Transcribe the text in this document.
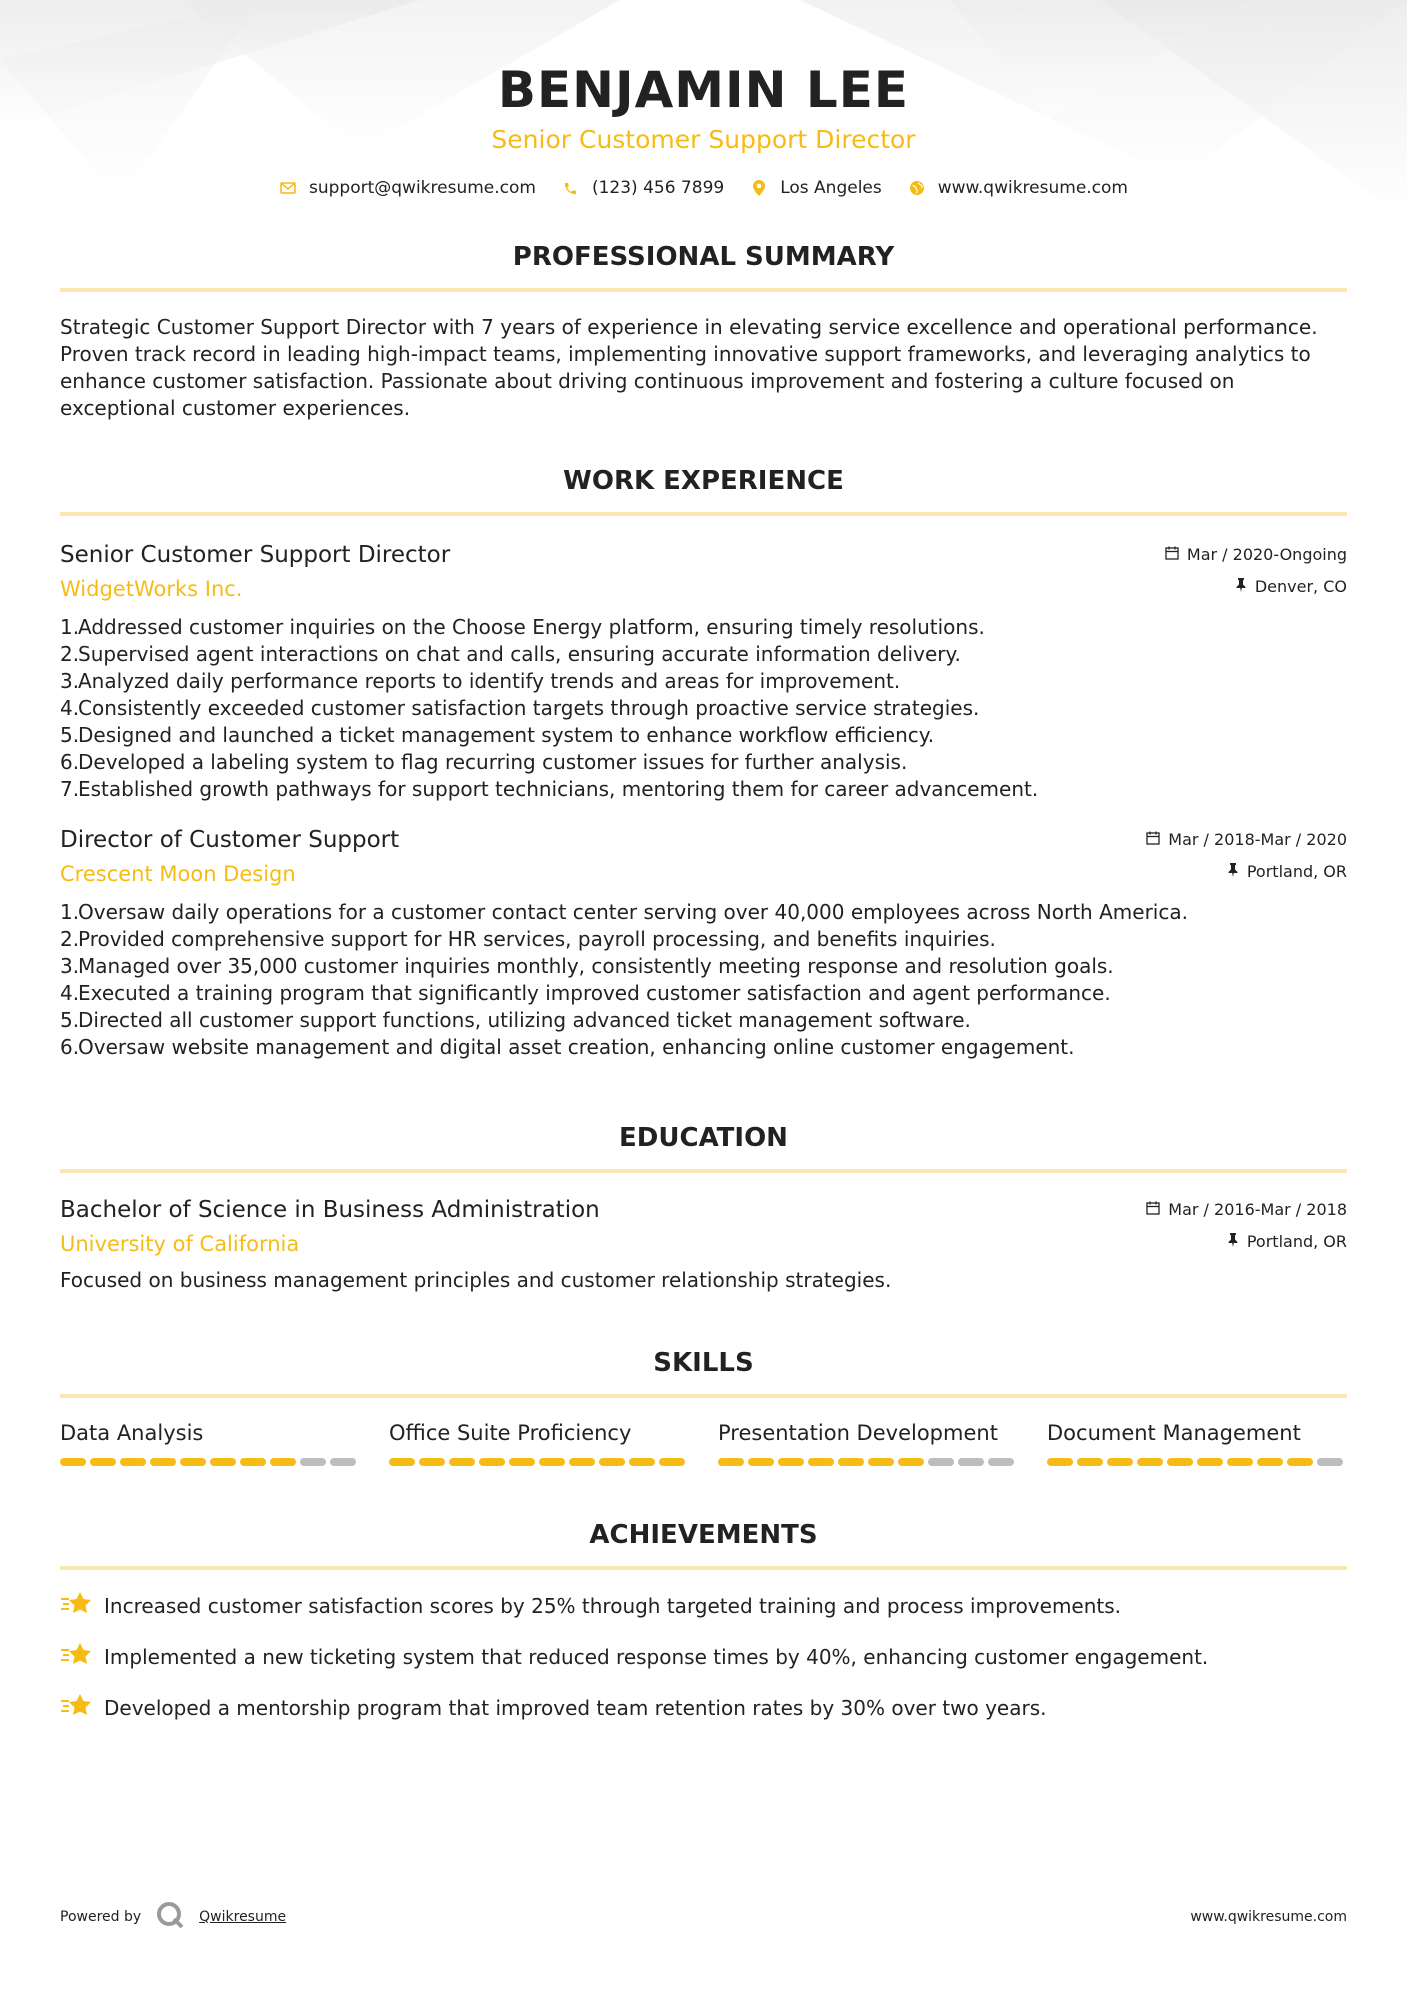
BENJAMIN LEE
Senior Customer Support Director
support@qwikresume.com	(123) 456 7899	Los Angeles	www.qwikresume.com
PROFESSIONAL SUMMARY

Strategic Customer Support Director with 7 years of experience in elevating service excellence and operational performance. Proven track record in leading high-impact teams, implementing innovative support frameworks, and leveraging analytics to enhance customer satisfaction. Passionate about driving continuous improvement and fostering a culture focused on exceptional customer experiences.

WORK EXPERIENCE
Senior Customer Support Director
WidgetWorks Inc.
Mar / 2020-Ongoing
Denver, CO
1.
Addressed customer inquiries on the Choose Energy platform, ensuring timely resolutions.
2.
Supervised agent interactions on chat and calls, ensuring accurate information delivery.
3.
Analyzed daily performance reports to identify trends and areas for improvement.
4.
Consistently exceeded customer satisfaction targets through proactive service strategies.
5.
Designed and launched a ticket management system to enhance workflow efficiency.
6.
Developed a labeling system to flag recurring customer issues for further analysis.
7.
Established growth pathways for support technicians, mentoring them for career advancement.
Director of Customer Support
Crescent Moon Design
Mar / 2018-Mar / 2020
Portland, OR
1.
Oversaw daily operations for a customer contact center serving over 40,000 employees across North America.
2.
Provided comprehensive support for HR services, payroll processing, and benefits inquiries.
3.
Managed over 35,000 customer inquiries monthly, consistently meeting response and resolution goals.
4.
Executed a training program that significantly improved customer satisfaction and agent performance.
5.
Directed all customer support functions, utilizing advanced ticket management software.
6.
Oversaw website management and digital asset creation, enhancing online customer engagement.
EDUCATION
Bachelor of Science in Business Administration
University of California
Mar / 2016-Mar / 2018
Portland, OR
Focused on business management principles and customer relationship strategies.
SKILLS
Data Analysis	Office Suite Proficiency	Presentation Development	Document Management
ACHIEVEMENTS
Increased customer satisfaction scores by 25% through targeted training and process improvements.
Implemented a new ticketing system that reduced response times by 40%, enhancing customer engagement.
Developed a mentorship program that improved team retention rates by 30% over two years.
Powered by	Qwikresume	www.qwikresume.com
